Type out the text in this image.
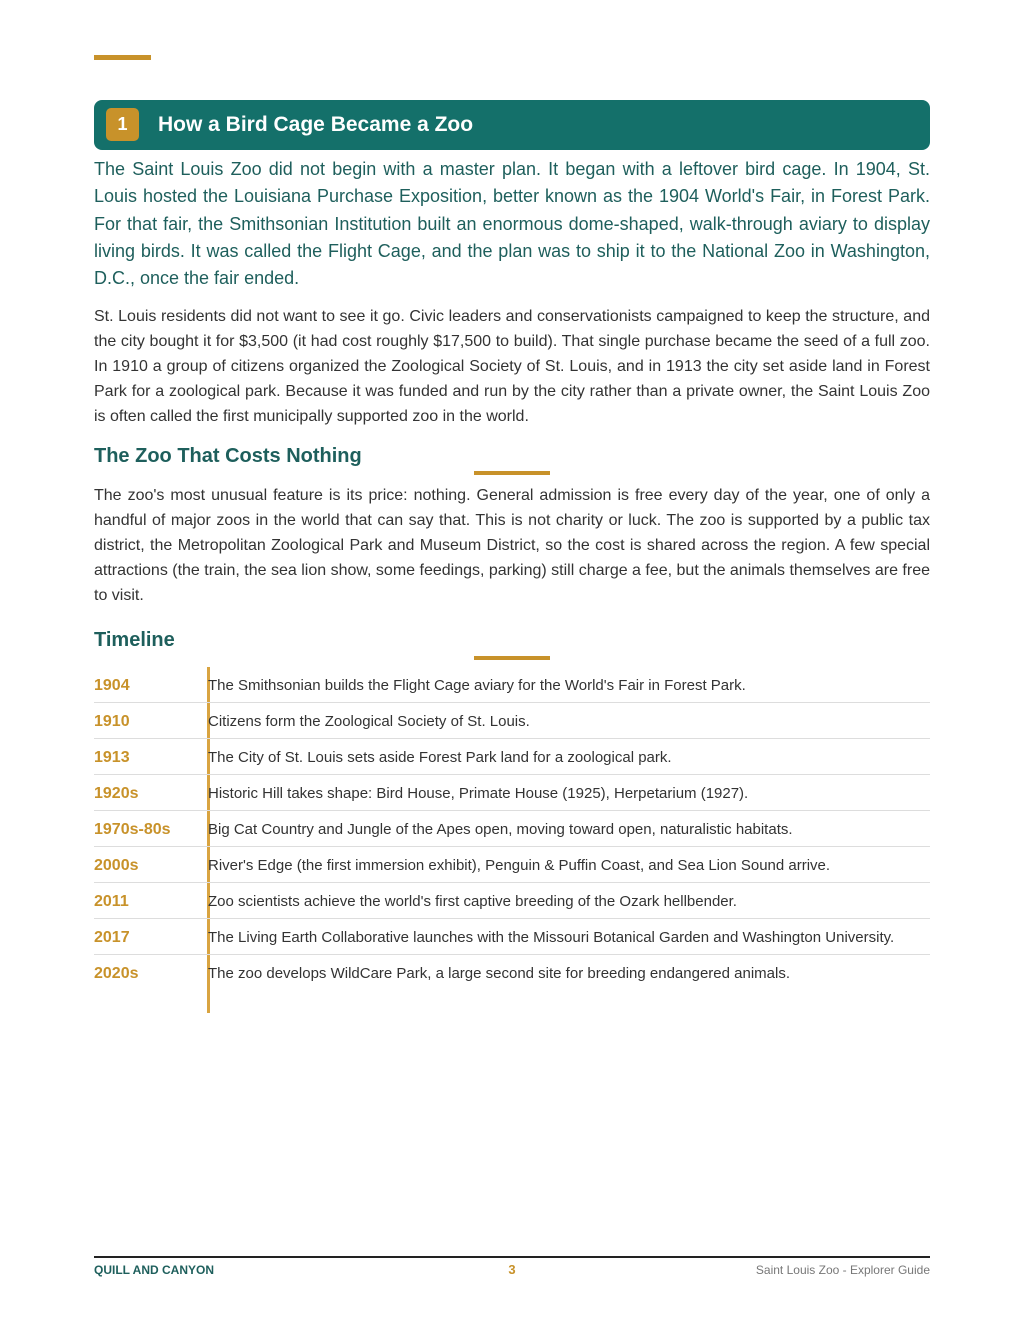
1	How a Bird Cage Became a Zoo

The Saint Louis Zoo did not begin with a master plan. It began with a leftover bird cage. In 1904, St. Louis hosted the Louisiana Purchase Exposition, better known as the 1904 World's Fair, in Forest Park. For that fair, the Smithsonian Institution built an enormous dome-shaped, walk-through aviary to display living birds. It was called the Flight Cage, and the plan was to ship it to the National Zoo in Washington, D.C., once the fair ended.

St. Louis residents did not want to see it go. Civic leaders and conservationists campaigned to keep the structure, and the city bought it for $3,500 (it had cost roughly $17,500 to build). That single purchase became the seed of a full zoo. In 1910 a group of citizens organized the Zoological Society of St. Louis, and in 1913 the city set aside land in Forest Park for a zoological park. Because it was funded and run by the city rather than a private owner, the Saint Louis Zoo is often called the first municipally supported zoo in the world.

The Zoo That Costs Nothing

The zoo's most unusual feature is its price: nothing. General admission is free every day of the year, one of only a handful of major zoos in the world that can say that. This is not charity or luck. The zoo is supported by a public tax district, the Metropolitan Zoological Park and Museum District, so the cost is shared across the region. A few special attractions (the train, the sea lion show, some feedings, parking) still charge a fee, but the animals themselves are free to visit.

Timeline
1904	The Smithsonian builds the Flight Cage aviary for the World's Fair in Forest Park.
1910	Citizens form the Zoological Society of St. Louis.
1913	The City of St. Louis sets aside Forest Park land for a zoological park.
1920s	Historic Hill takes shape: Bird House, Primate House (1925), Herpetarium (1927).
1970s-80s	Big Cat Country and Jungle of the Apes open, moving toward open, naturalistic habitats.
2000s	River's Edge (the first immersion exhibit), Penguin & Puffin Coast, and Sea Lion Sound arrive.
2011	Zoo scientists achieve the world's first captive breeding of the Ozark hellbender.
2017	The Living Earth Collaborative launches with the Missouri Botanical Garden and Washington University.
2020s	The zoo develops WildCare Park, a large second site for breeding endangered animals.
QUILL AND CANYON	3	Saint Louis Zoo - Explorer Guide
